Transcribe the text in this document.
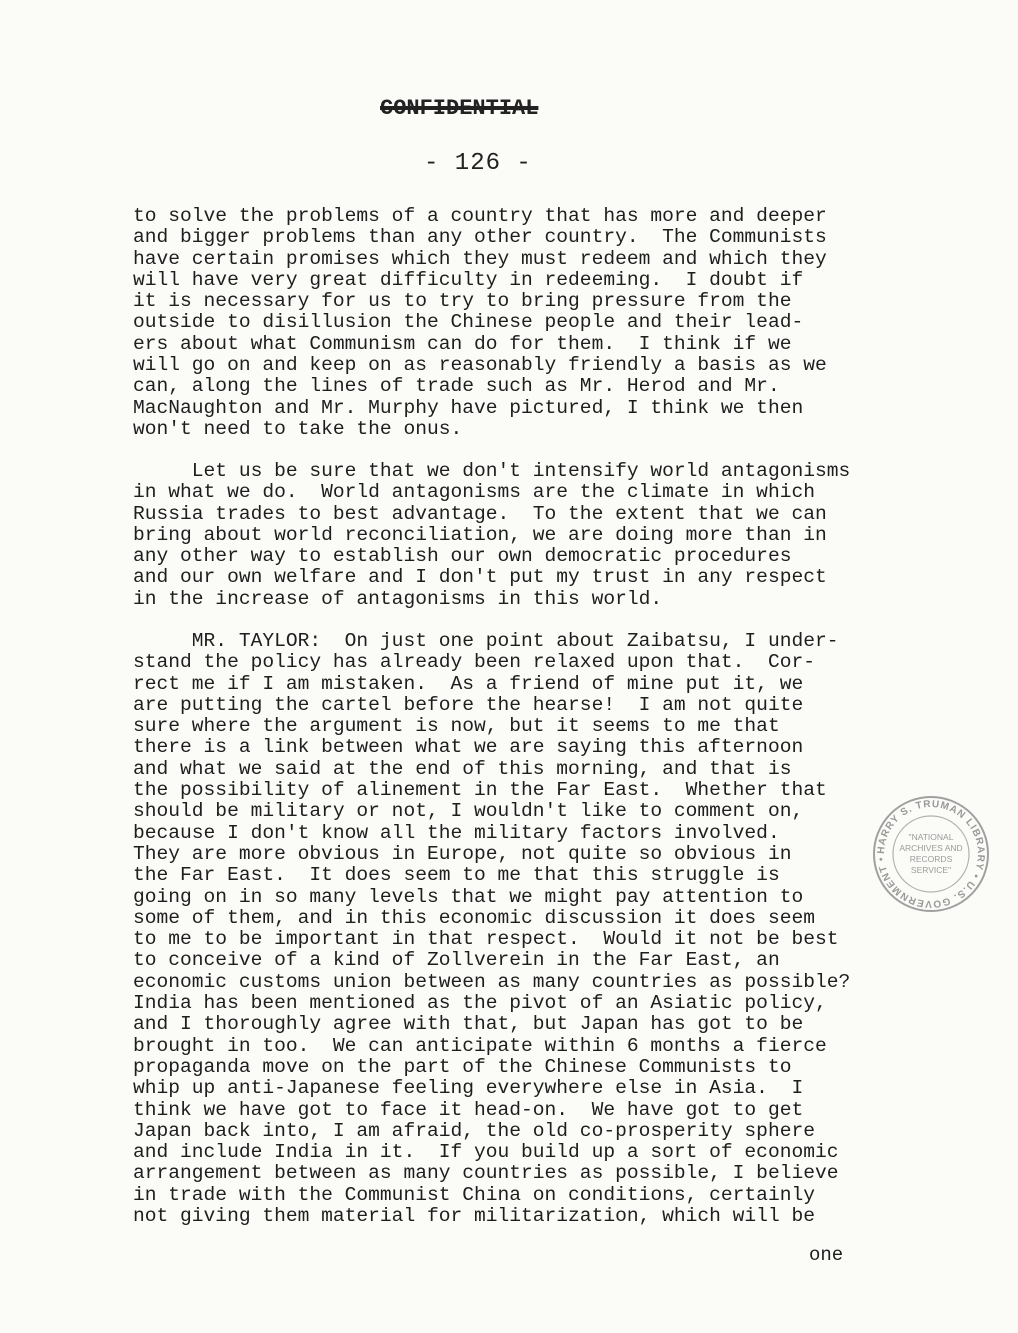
CONFIDENTIAL
- 126 -

to solve the problems of a country that has more and deeper
and bigger problems than any other country.  The Communists
have certain promises which they must redeem and which they
will have very great difficulty in redeeming.  I doubt if
it is necessary for us to try to bring pressure from the
outside to disillusion the Chinese people and their lead-
ers about what Communism can do for them.  I think if we
will go on and keep on as reasonably friendly a basis as we
can, along the lines of trade such as Mr. Herod and Mr.
MacNaughton and Mr. Murphy have pictured, I think we then
won't need to take the onus.

Let us be sure that we don't intensify world antagonisms
in what we do.  World antagonisms are the climate in which
Russia trades to best advantage.  To the extent that we can
bring about world reconciliation, we are doing more than in
any other way to establish our own democratic procedures
and our own welfare and I don't put my trust in any respect
in the increase of antagonisms in this world.

MR. TAYLOR:  On just one point about Zaibatsu, I under-
stand the policy has already been relaxed upon that.  Cor-
rect me if I am mistaken.  As a friend of mine put it, we
are putting the cartel before the hearse!  I am not quite
sure where the argument is now, but it seems to me that
there is a link between what we are saying this afternoon
and what we said at the end of this morning, and that is
the possibility of alinement in the Far East.  Whether that
should be military or not, I wouldn't like to comment on,
because I don't know all the military factors involved.
They are more obvious in Europe, not quite so obvious in
the Far East.  It does seem to me that this struggle is
going on in so many levels that we might pay attention to
some of them, and in this economic discussion it does seem
to me to be important in that respect.  Would it not be best
to conceive of a kind of Zollverein in the Far East, an
economic customs union between as many countries as possible?
India has been mentioned as the pivot of an Asiatic policy,
and I thoroughly agree with that, but Japan has got to be
brought in too.  We can anticipate within 6 months a fierce
propaganda move on the part of the Chinese Communists to
whip up anti-Japanese feeling everywhere else in Asia.  I
think we have got to face it head-on.  We have got to get
Japan back into, I am afraid, the old co-prosperity sphere
and include India in it.  If you build up a sort of economic
arrangement between as many countries as possible, I believe
in trade with the Communist China on conditions, certainly
not giving them material for militarization, which will be

one
HARRY S. TRUMAN LIBRARY • U.S. GOVERNMENT •
"NATIONAL
ARCHIVES AND
RECORDS
SERVICE"
